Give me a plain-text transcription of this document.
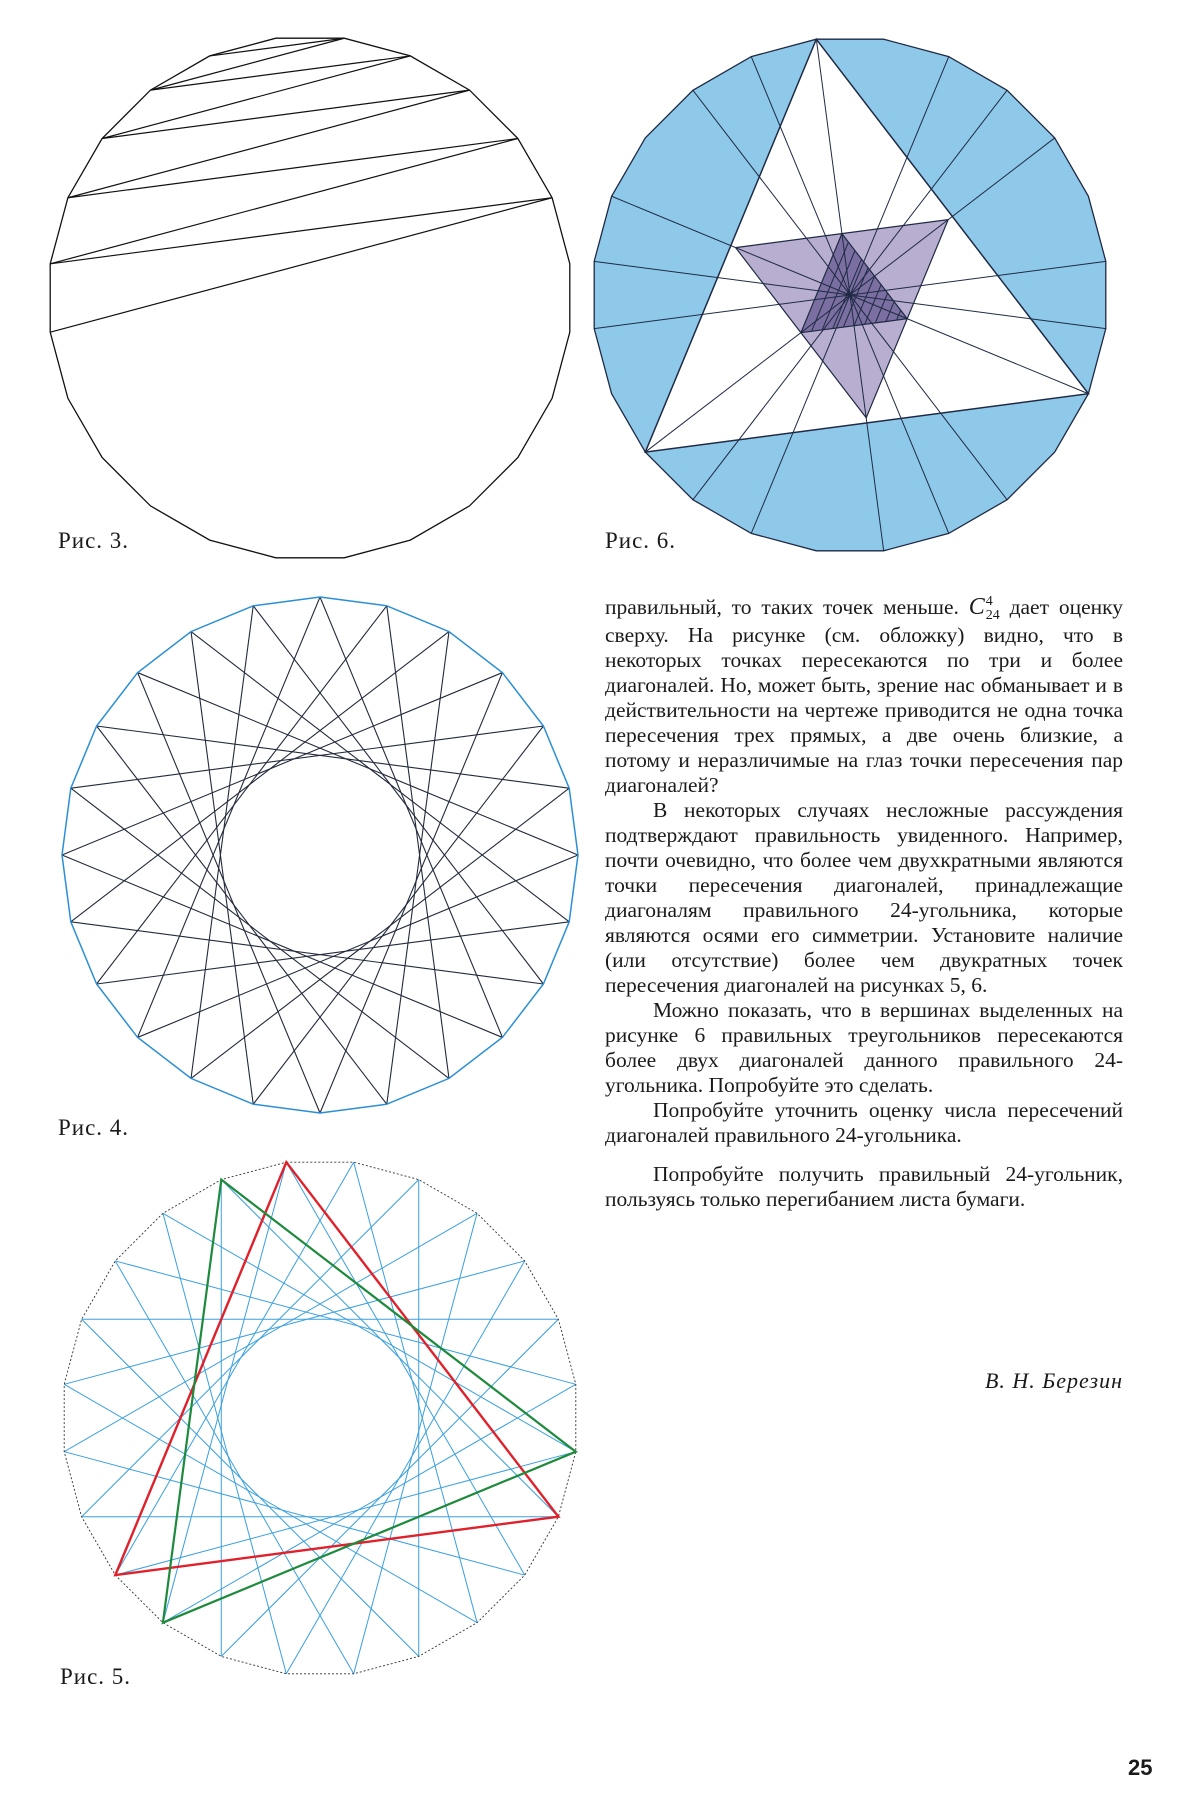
Рис. 3.	Рис. 6.
Рис. 4.
Рис. 5.

правильный, то таких точек меньше. $C^4_{24}$ дает оценку сверху. На рисунке (см. обложку) видно, что в некоторых точках пересекаются по три и более диагоналей. Но, может быть, зрение нас обманывает и в действительности на чертеже приводится не одна точка пересечения трех прямых, а две очень близкие, а потому и неразличимые на глаз точки пересечения пар диагоналей?

В некоторых случаях несложные рассуждения подтверждают правильность увиденного. Например, почти очевидно, что более чем двухкратными являются точки пересечения диагоналей, принадлежащие диагоналям правильного 24-угольника, которые являются осями его симметрии. Установите наличие (или отсутствие) более чем двукратных точек пересечения диагоналей на рисунках 5, 6.

Можно показать, что в вершинах выделенных на рисунке 6 правильных треугольников пересекаются более двух диагоналей данного правильного 24-угольника. Попробуйте это сделать.

Попробуйте уточнить оценку числа пересечений диагоналей правильного 24-угольника.

Попробуйте получить правильный 24-угольник, пользуясь только перегибанием листа бумаги.

В. Н. Березин
25
